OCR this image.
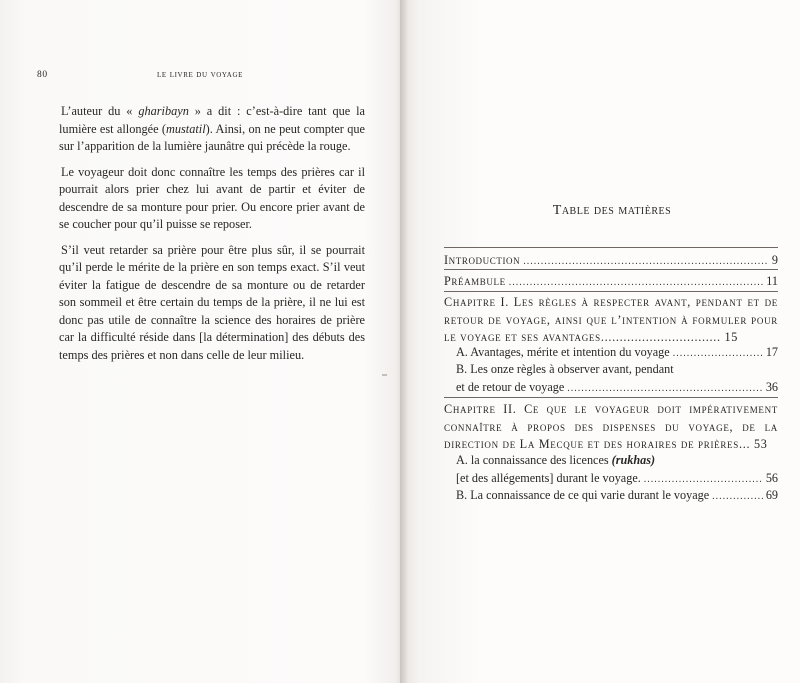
80	le livre du voyage

L’auteur du « gharibayn » a dit : c’est-à-dire tant que la lumière est allongée (mustatil). Ainsi, on ne peut compter que sur l’apparition de la lumière jaunâtre qui précède la rouge.

Le voyageur doit donc connaître les temps des prières car il pourrait alors prier chez lui avant de partir et éviter de descendre de sa monture pour prier. Ou encore prier avant de se coucher pour qu’il puisse se reposer.

S’il veut retarder sa prière pour être plus sûr, il se pourrait qu’il perde le mérite de la prière en son temps exact. S’il veut éviter la fatigue de descendre de sa monture ou de retarder son sommeil et être certain du temps de la prière, il ne lui est donc pas utile de connaître la science des horaires de prière car la difficulté réside dans [la détermination] des débuts des temps des prières et non dans celle de leur milieu.

Table des matières
Introduction .....	9
Préambule .....	11
Chapitre I. Les règles à respecter avant, pendant et de retour de voyage, ainsi que l’intention à formuler pour le voyage et ses avantages................................ 15
A. Avantages, mérite et intention du voyage .....	17
B. Les onze règles à observer avant, pendant
et de retour de voyage .....	36
Chapitre II. Ce que le voyageur doit impérativement connaître à propos des dispenses du voyage, de la direction de La Mecque et des horaires de prières... 53
A. la connaissance des licences (rukhas)
[et des allégements] durant le voyage. .....	56
B. La connaissance de ce qui varie durant le voyage .....	69
